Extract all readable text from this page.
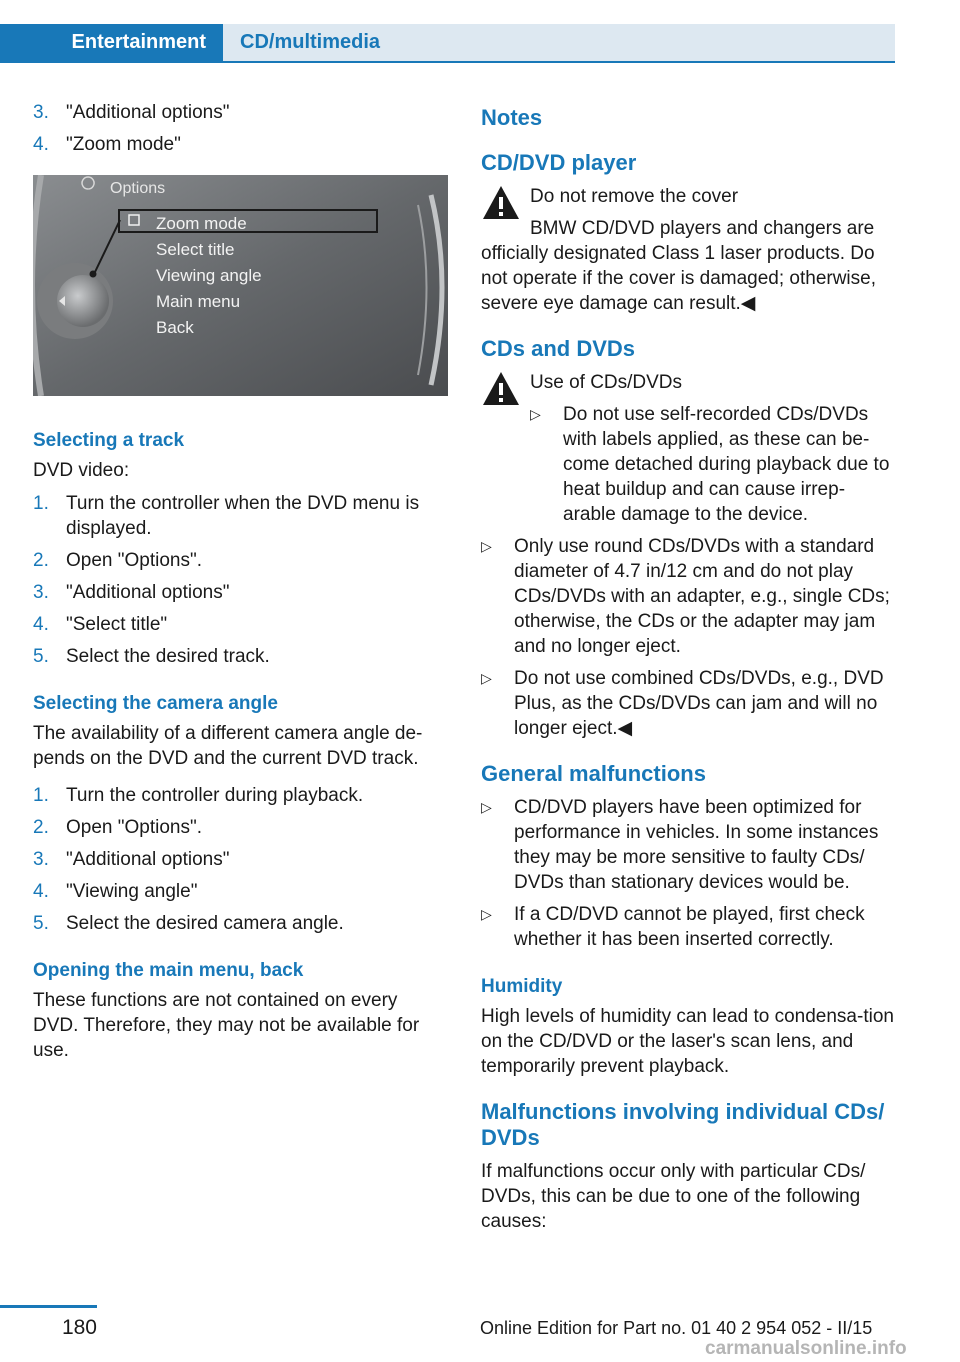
Entertainment	CD/multimedia
3. "Additional options"
4. "Zoom mode"
Options
Zoom mode
Select title
Viewing angle
Main menu
Back
Selecting a track

DVD video:

1. Turn the controller when the DVD menu is displayed.
2. Open "Options".
3. "Additional options"
4. "Select title"
5. Select the desired track.
Selecting the camera angle

The availability of a different camera angle de‐pends on the DVD and the current DVD track.

1. Turn the controller during playback.
2. Open "Options".
3. "Additional options"
4. "Viewing angle"
5. Select the desired camera angle.
Opening the main menu, back

These functions are not contained on every DVD. Therefore, they may not be available for use.

Notes
CD/DVD player

Do not remove the cover

BMW CD/DVD players and changers are officially designated Class 1 laser products. Do not operate if the cover is damaged; otherwise, severe eye damage can result.◀

CDs and DVDs

Use of CDs/DVDs

▷ Do not use self-recorded CDs/DVDs with labels applied, as these can be‐come detached during playback due to heat buildup and can cause irrep‐arable damage to the device.
▷ Only use round CDs/DVDs with a standard diameter of 4.7 in/12 cm and do not play CDs/DVDs with an adapter, e.g., single CDs; otherwise, the CDs or the adapter may jam and no longer eject.
▷ Do not use combined CDs/DVDs, e.g., DVD Plus, as the CDs/DVDs can jam and will no longer eject.◀
General malfunctions
▷ CD/DVD players have been optimized for performance in vehicles. In some instances they may be more sensitive to faulty CDs/ DVDs than stationary devices would be.
▷ If a CD/DVD cannot be played, first check whether it has been inserted correctly.
Humidity

High levels of humidity can lead to condensa‐tion on the CD/DVD or the laser's scan lens, and temporarily prevent playback.

Malfunctions involving individual CDs/ DVDs

If malfunctions occur only with particular CDs/ DVDs, this can be due to one of the following causes:

180	Online Edition for Part no. 01 40 2 954 052 - II/15
carmanualsonline.info
